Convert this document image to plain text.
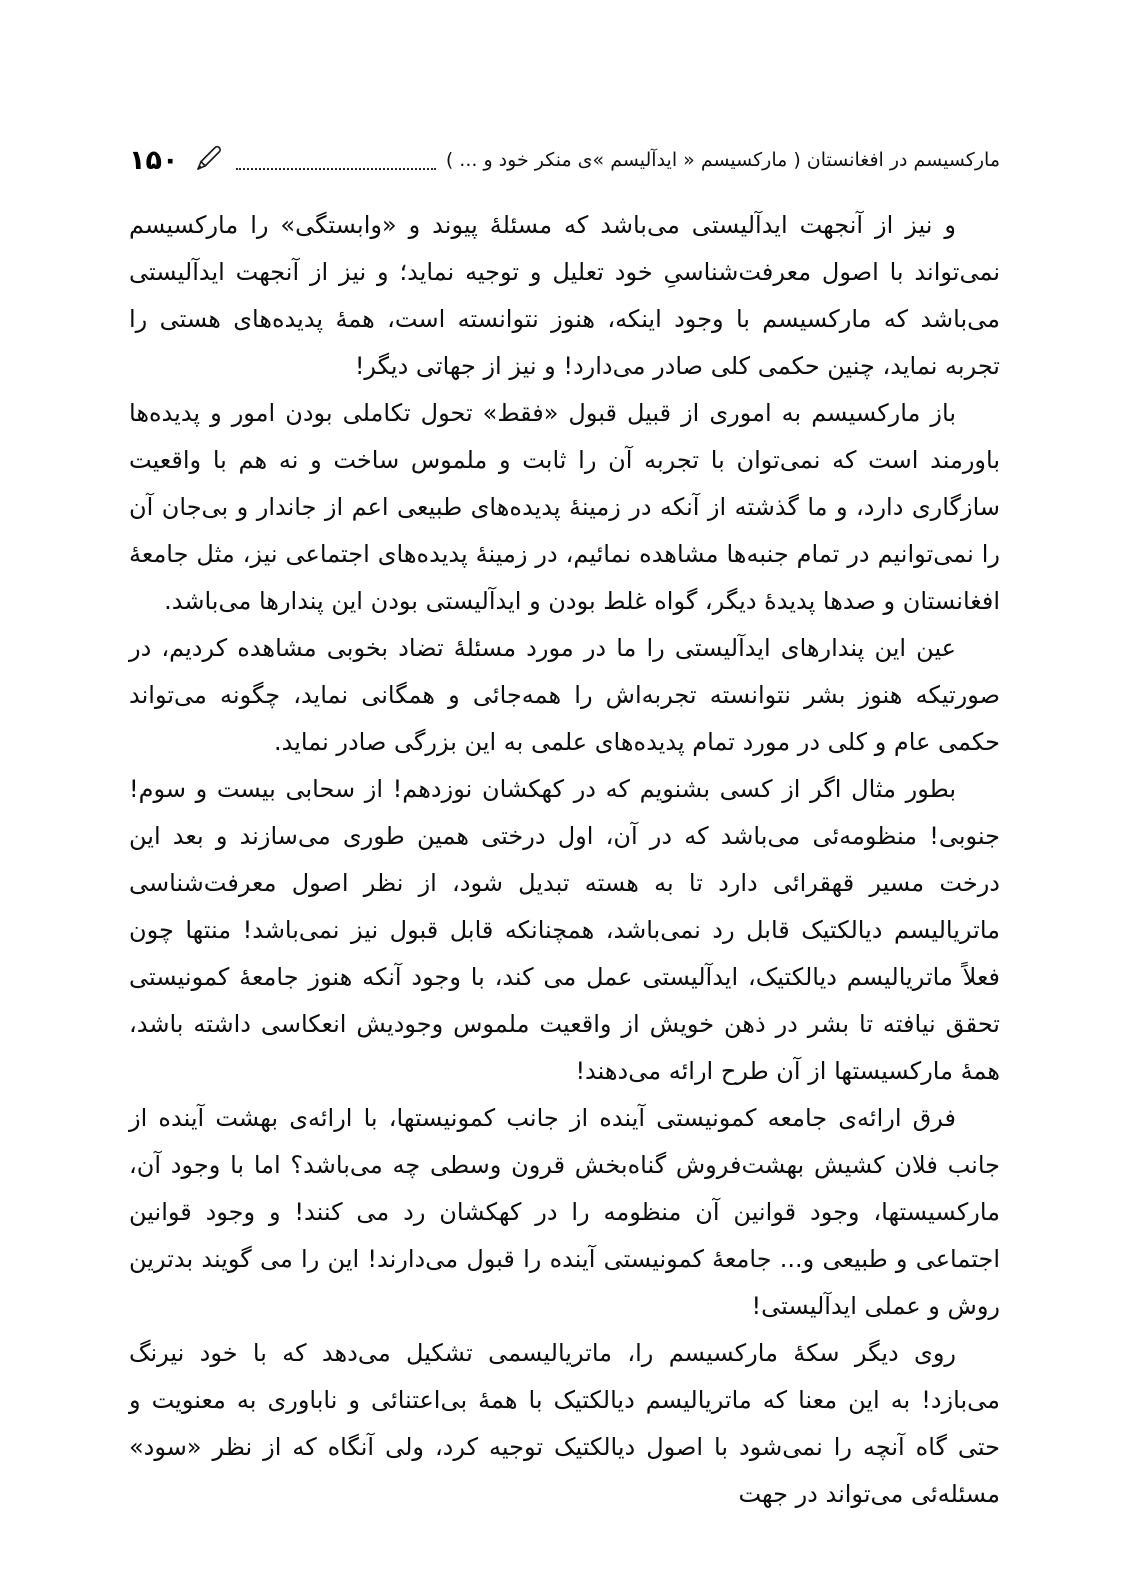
مارکسیسم در افغانستان ( مارکسیسم « ایدآلیسم »ی منکر خود و ... )
۱۵۰

و نیز از آنجهت ایدآلیستی می‌باشد که مسئلهٔ پیوند و «وابستگی» را مارکسیسم نمی‌تواند با اصول معرفت‌شناسیِ خود تعلیل و توجیه نماید؛ و نیز از آنجهت ایدآلیستی می‌باشد که مارکسیسم با وجود اینکه، هنوز نتوانسته است، همهٔ پدیده‌های هستی را تجربه نماید، چنین حکمی کلی صادر می‌دارد! و نیز از جهاتی دیگر!

باز مارکسیسم به اموری از قبیل قبول «فقط» تحول تکاملی بودن امور و پدیده‌ها باورمند است که نمی‌توان با تجربه آن را ثابت و ملموس ساخت و نه هم با واقعیت سازگاری دارد، و ما گذشته از آنکه در زمینهٔ پدیده‌های طبیعی اعم از جاندار و بی‌جان آن را نمی‌توانیم در تمام جنبه‌ها مشاهده نمائیم، در زمینهٔ پدیده‌های اجتماعی نیز، مثل جامعهٔ افغانستان و صدها پدیدهٔ دیگر، گواه غلط بودن و ایدآلیستی بودن این پندارها می‌باشد.

عین این پندارهای ایدآلیستی را ما در مورد مسئلهٔ تضاد بخوبی مشاهده کردیم، در صورتیکه هنوز بشر نتوانسته تجربه‌اش را همه‌جائی و همگانی نماید، چگونه می‌تواند حکمی عام و کلی در مورد تمام پدیده‌های علمی به این بزرگی صادر نماید.

بطور مثال اگر از کسی بشنویم که در کهکشان نوزدهم! از سحابی بیست و سوم! جنوبی! منظومه‌ئی می‌باشد که در آن، اول درختی همین طوری می‌سازند و بعد این درخت مسیر قهقرائی دارد تا به هسته تبدیل شود، از نظر اصول معرفت‌شناسی ماتریالیسم دیالکتیک قابل رد نمی‌باشد، همچنانکه قابل قبول نیز نمی‌باشد! منتها چون فعلاً ماتریالیسم دیالکتیک، ایدآلیستی عمل می کند، با وجود آنکه هنوز جامعهٔ کمونیستی تحقق نیافته تا بشر در ذهن خویش از واقعیت ملموس وجودیش انعکاسی داشته باشد، همهٔ مارکسیستها از آن طرح ارائه می‌دهند!

فرق ارائه‌ی جامعه کمونیستی آینده از جانب کمونیستها، با ارائه‌ی بهشت آینده از جانب فلان کشیش بهشت‌فروش گناه‌بخش قرون وسطی چه می‌باشد؟ اما با وجود آن، مارکسیستها، وجود قوانین آن منظومه را در کهکشان رد می کنند! و وجود قوانین اجتماعی و طبیعی و... جامعهٔ کمونیستی آینده را قبول می‌دارند! این را می گویند بدترین روش و عملی ایدآلیستی!

روی دیگر سکهٔ مارکسیسم را، ماتریالیسمی تشکیل می‌دهد که با خود نیرنگ می‌بازد! به این معنا که ماتریالیسم دیالکتیک با همهٔ بی‌اعتنائی و ناباوری به معنویت و حتی گاه آنچه را نمی‌شود با اصول دیالکتیک توجیه کرد، ولی آنگاه که از نظر «سود» مسئله‌ئی می‌تواند در جهت
